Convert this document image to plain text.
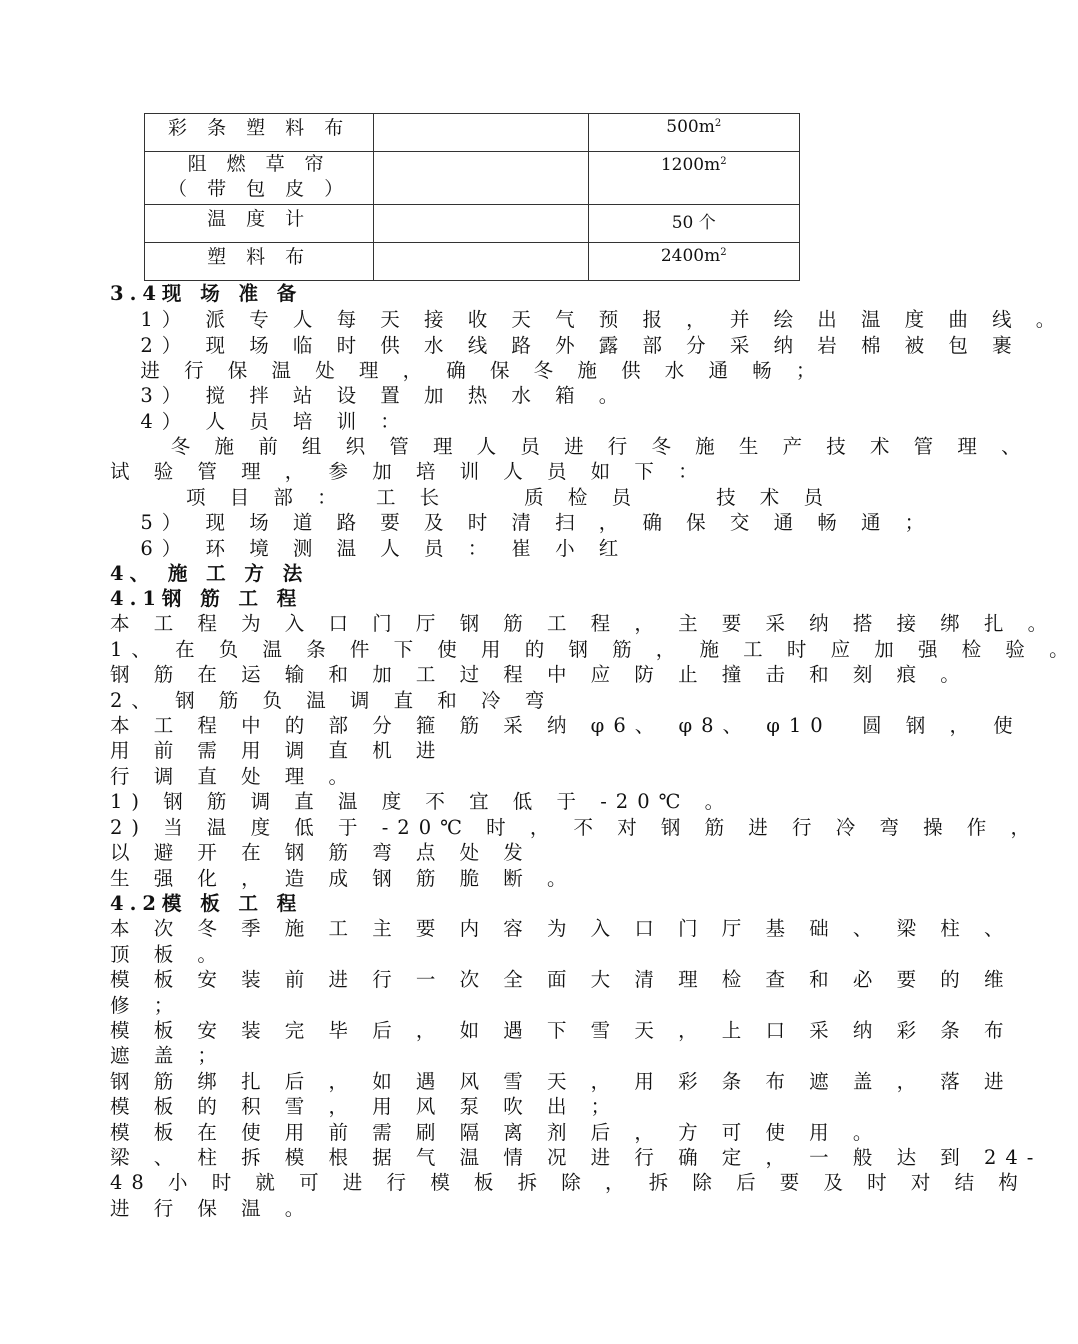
彩 条 塑 料 布		$500m^2$

阻 燃 草 帘
（ 带 包 皮 ）		$1200m^2$
温 度 计		50 个
塑 料 布		$2400m^2$
3.4现 场 准 备
1） 派 专 人 每 天 接 收 天 气 预 报 ， 并 绘 出 温 度 曲 线 。
2） 现 场 临 时 供 水 线 路 外 露 部 分 采 纳 岩 棉 被 包 裹
进 行 保 温 处 理 ， 确 保 冬 施 供 水 通 畅 ；
3） 搅 拌 站 设 置 加 热 水 箱 。
4） 人 员 培 训 ：
冬 施 前 组 织 管 理 人 员 进 行 冬 施 生 产 技 术 管 理 、
试 验 管 理 ， 参 加 培 训 人 员 如 下 ：
项 目 部 ：  工 长     质 检 员     技 术 员
5） 现 场 道 路 要 及 时 清 扫 ， 确 保 交 通 畅 通 ；
6） 环 境 测 温 人 员 ： 崔 小 红
4、 施 工 方 法
4.1钢 筋 工 程
本 工 程 为 入 口 门 厅 钢 筋 工 程 ， 主 要 采 纳 搭 接 绑 扎 。
1、 在 负 温 条 件 下 使 用 的 钢 筋 ， 施 工 时 应 加 强 检 验 。
钢 筋 在 运 输 和 加 工 过 程 中 应 防 止 撞 击 和 刻 痕 。
2、 钢 筋 负 温 调 直 和 冷 弯
本 工 程 中 的 部 分 箍 筋 采 纳 φ6、 φ8、 φ10  圆 钢 ， 使
用 前 需 用 调 直 机 进
行 调 直 处 理 。
1) 钢 筋 调 直 温 度 不 宜 低 于 -20℃ 。
2) 当 温 度 低 于 -20℃ 时 ， 不 对 钢 筋 进 行 冷 弯 操 作 ，
以 避 开 在 钢 筋 弯 点 处 发
生 强 化 ， 造 成 钢 筋 脆 断 。
4.2模 板 工 程
本 次 冬 季 施 工 主 要 内 容 为 入 口 门 厅 基 础 、 梁 柱 、
顶 板 。
模 板 安 装 前 进 行 一 次 全 面 大 清 理 检 查 和 必 要 的 维
修 ；
模 板 安 装 完 毕 后 ， 如 遇 下 雪 天 ， 上 口 采 纳 彩 条 布
遮 盖 ；
钢 筋 绑 扎 后 ， 如 遇 风 雪 天 ， 用 彩 条 布 遮 盖 ， 落 进
模 板 的 积 雪 ， 用 风 泵 吹 出 ；
模 板 在 使 用 前 需 刷 隔 离 剂 后 ， 方 可 使 用 。
梁 、 柱 拆 模 根 据 气 温 情 况 进 行 确 定 ， 一 般 达 到 24-
48 小 时 就 可 进 行 模 板 拆 除 ， 拆 除 后 要 及 时 对 结 构
进 行 保 温 。
